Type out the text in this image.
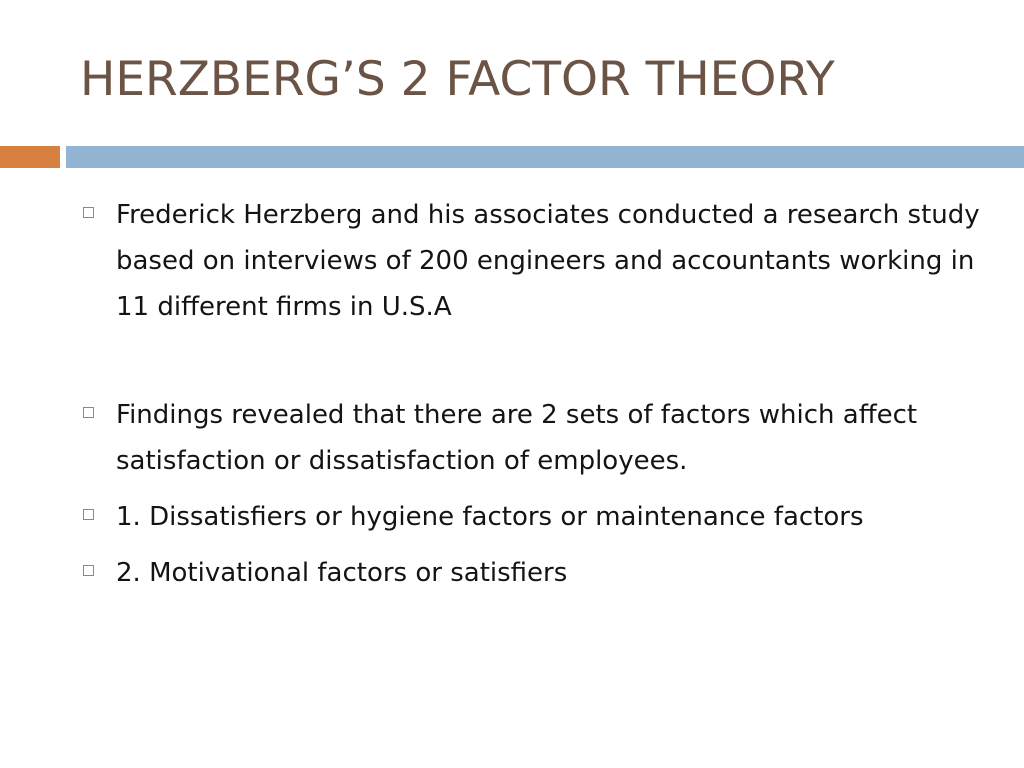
HERZBERG’S 2 FACTOR THEORY
Frederick Herzberg and his associates conducted a research study based on interviews of 200 engineers and accountants working in 11 different firms in U.S.A
Findings revealed that there are 2 sets of factors which affect satisfaction or dissatisfaction of employees.
1. Dissatisfiers or hygiene factors or maintenance factors
2. Motivational factors or satisfiers
